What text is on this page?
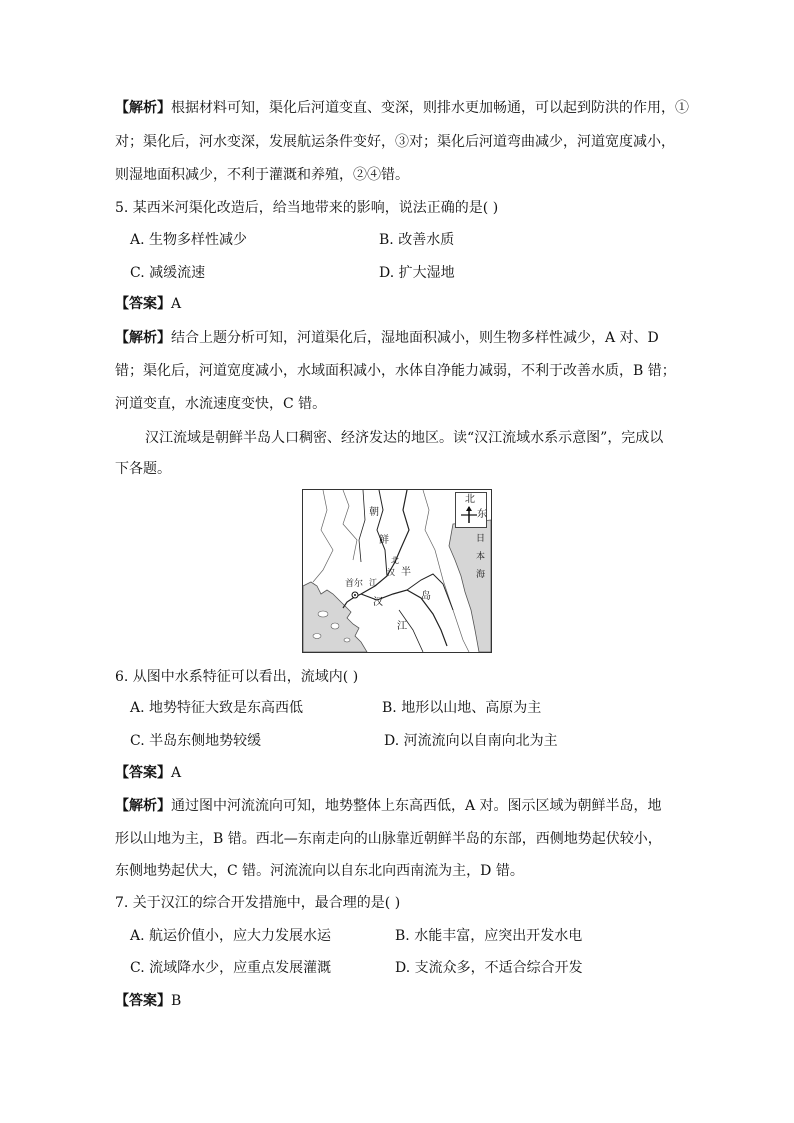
【解析】根据材料可知，渠化后河道变直、变深，则排水更加畅通，可以起到防洪的作用，①
对；渠化后，河水变深，发展航运条件变好，③对；渠化后河道弯曲减少，河道宽度减小，
则湿地面积减少，不利于灌溉和养殖，②④错。
5. 某西米河渠化改造后，给当地带来的影响，说法正确的是( )
A. 生物多样性减少	B. 改善水质
C. 减缓流速	D. 扩大湿地
【答案】A
【解析】结合上题分析可知，河道渠化后，湿地面积减小，则生物多样性减少，A 对、D
错；渠化后，河道宽度减小，水域面积减小，水体自净能力减弱，不利于改善水质，B 错；
河道变直，水流速度变快，C 错。
汉江流域是朝鲜半岛人口稠密、经济发达的地区。读“汉江流域水系示意图”，完成以
下各题。
北
东
朝
鲜
北
汉
江
半
首尔
汉
岛
江
日
本
海
6. 从图中水系特征可以看出，流域内( )
A. 地势特征大致是东高西低	B. 地形以山地、高原为主
C. 半岛东侧地势较缓	D. 河流流向以自南向北为主
【答案】A
【解析】通过图中河流流向可知，地势整体上东高西低，A 对。图示区域为朝鲜半岛，地
形以山地为主，B 错。西北—东南走向的山脉靠近朝鲜半岛的东部，西侧地势起伏较小，
东侧地势起伏大，C 错。河流流向以自东北向西南流为主，D 错。
7. 关于汉江的综合开发措施中，最合理的是( )
A. 航运价值小，应大力发展水运	B. 水能丰富，应突出开发水电
C. 流域降水少，应重点发展灌溉	D. 支流众多，不适合综合开发
【答案】B
